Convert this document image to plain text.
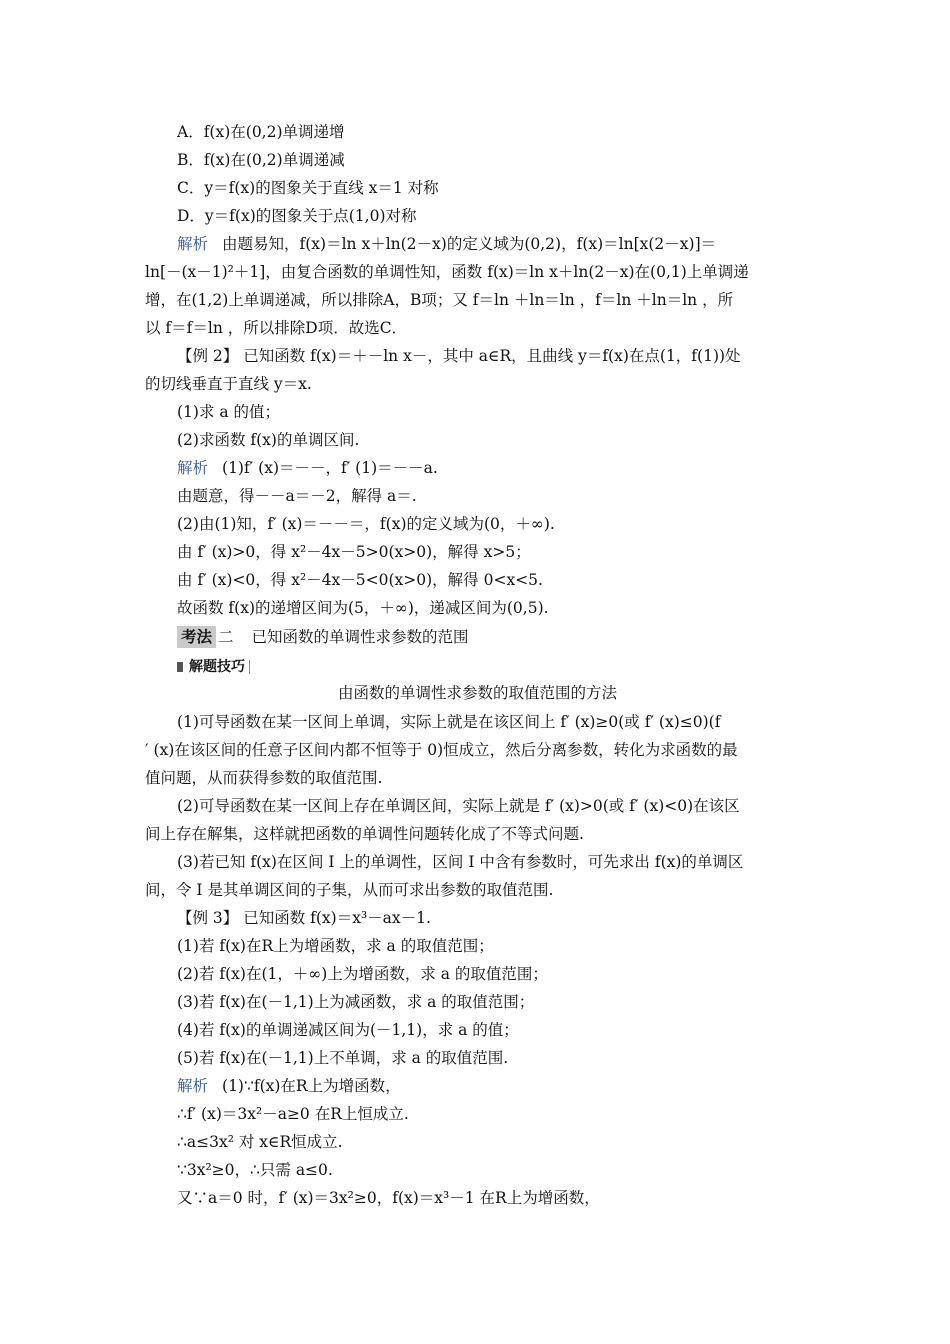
A．f(x)在(0,2)单调递增
B．f(x)在(0,2)单调递减
C．y＝f(x)的图象关于直线 x＝1 对称
D．y＝f(x)的图象关于点(1,0)对称
解析 由题易知，f(x)＝ln x＋ln(2－x)的定义域为(0,2)，f(x)＝ln[x(2－x)]＝
ln[－(x－1)²＋1]，由复合函数的单调性知，函数 f(x)＝ln x＋ln(2－x)在(0,1)上单调递
增，在(1,2)上单调递减，所以排除A，B项；又 f＝ln ＋ln＝ln ，f＝ln ＋ln＝ln ，所
以 f＝f＝ln ，所以排除D项．故选C．
【例 2】 已知函数 f(x)＝＋－ln x－，其中 a∈R，且曲线 y＝f(x)在点(1，f(1))处
的切线垂直于直线 y＝x.
(1)求 a 的值；
(2)求函数 f(x)的单调区间.
解析 (1)f′ (x)＝－－，f′ (1)＝－－a.
由题意，得－－a＝－2，解得 a＝.
(2)由(1)知，f′ (x)＝－－＝，f(x)的定义域为(0，＋∞).
由 f′ (x)>0，得 x²－4x－5>0(x>0)，解得 x>5；
由 f′ (x)<0，得 x²－4x－5<0(x>0)，解得 0<x<5.
故函数 f(x)的递增区间为(5，＋∞)，递减区间为(0,5).
考法 二 已知函数的单调性求参数的范围
解题技巧
由函数的单调性求参数的取值范围的方法
(1)可导函数在某一区间上单调，实际上就是在该区间上 f′ (x)≥0(或 f′ (x)≤0)(f
′ (x)在该区间的任意子区间内都不恒等于 0)恒成立，然后分离参数，转化为求函数的最
值问题，从而获得参数的取值范围.
(2)可导函数在某一区间上存在单调区间，实际上就是 f′ (x)>0(或 f′ (x)<0)在该区
间上存在解集，这样就把函数的单调性问题转化成了不等式问题.
(3)若已知 f(x)在区间 I 上的单调性，区间 I 中含有参数时，可先求出 f(x)的单调区
间，令 I 是其单调区间的子集，从而可求出参数的取值范围.
【例 3】 已知函数 f(x)＝x³－ax－1.
(1)若 f(x)在R上为增函数，求 a 的取值范围；
(2)若 f(x)在(1，＋∞)上为增函数，求 a 的取值范围；
(3)若 f(x)在(－1,1)上为减函数，求 a 的取值范围；
(4)若 f(x)的单调递减区间为(－1,1)，求 a 的值；
(5)若 f(x)在(－1,1)上不单调，求 a 的取值范围.
解析 (1)∵f(x)在R上为增函数，
∴f′ (x)＝3x²－a≥0 在R上恒成立.
∴a≤3x² 对 x∈R恒成立.
∵3x²≥0，∴只需 a≤0.
又∵a＝0 时，f′ (x)＝3x²≥0，f(x)＝x³－1 在R上为增函数，
